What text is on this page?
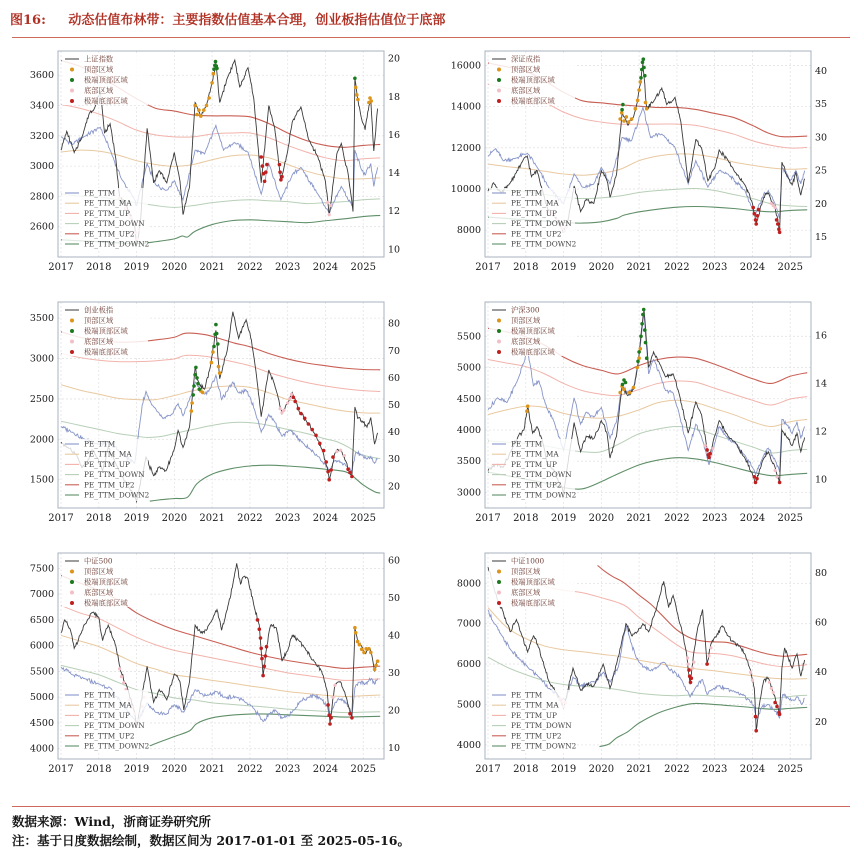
图16: 动态估值布林带：主要指数估值基本合理，创业板指估值位于底部
2017 2018 2019 2020 2021 2022 2023 2024 2025
2600
2800
3000
3200
3400
3600
10
12
14
16
18
20
上证指数
顶部区域
极端顶部区域
底部区域
极端底部区域
PE_TTM
PE_TTM_MA
PE_TTM_UP
PE_TTM_DOWN
PE_TTM_UP2
PE_TTM_DOWN2
2017 2018 2019 2020 2021 2022 2023 2024 2025
8000
10000
12000
14000
16000
15
20
25
30
35
40
深证成指
顶部区域
极端顶部区域
底部区域
极端底部区域
PE_TTM
PE_TTM_MA
PE_TTM_UP
PE_TTM_DOWN
PE_TTM_UP2
PE_TTM_DOWN2
2017 2018 2019 2020 2021 2022 2023 2024 2025
1500
2000
2500
3000
3500
20
30
40
50
60
70
80
创业板指
顶部区域
极端顶部区域
底部区域
极端底部区域
PE_TTM
PE_TTM_MA
PE_TTM_UP
PE_TTM_DOWN
PE_TTM_UP2
PE_TTM_DOWN2
2017 2018 2019 2020 2021 2022 2023 2024 2025
3000
3500
4000
4500
5000
5500
10
12
14
16
沪深300
顶部区域
极端顶部区域
底部区域
极端底部区域
PE_TTM
PE_TTM_MA
PE_TTM_UP
PE_TTM_DOWN
PE_TTM_UP2
PE_TTM_DOWN2
2017 2018 2019 2020 2021 2022 2023 2024 2025
4000
4500
5000
5500
6000
6500
7000
7500
10
20
30
40
50
60
中证500
顶部区域
极端顶部区域
底部区域
极端底部区域
PE_TTM
PE_TTM_MA
PE_TTM_UP
PE_TTM_DOWN
PE_TTM_UP2
PE_TTM_DOWN2
2017 2018 2019 2020 2021 2022 2023 2024 2025
4000
5000
6000
7000
8000
20
40
60
80
中证1000
顶部区域
极端顶部区域
底部区域
极端底部区域
PE_TTM
PE_TTM_MA
PE_TTM_UP
PE_TTM_DOWN
PE_TTM_UP2
PE_TTM_DOWN2
数据来源：Wind，浙商证券研究所
注：基于日度数据绘制，数据区间为 2017-01-01 至 2025-05-16。
